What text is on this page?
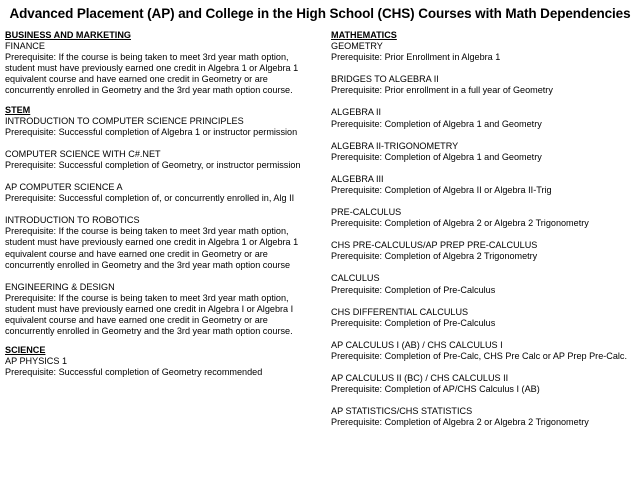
Advanced Placement (AP) and College in the High School (CHS) Courses with Math Dependencies
BUSINESS AND MARKETING
FINANCE
Prerequisite: If the course is being taken to meet 3rd year math option, student must have previously earned one credit in Algebra 1 or Algebra 1 equivalent course and have earned one credit in Geometry or are concurrently enrolled in Geometry and the 3rd year math option course.
STEM
INTRODUCTION TO COMPUTER SCIENCE PRINCIPLES
Prerequisite: Successful completion of Algebra 1 or instructor permission
COMPUTER SCIENCE WITH C#.NET
Prerequisite: Successful completion of Geometry, or instructor permission
AP COMPUTER SCIENCE A
Prerequisite: Successful completion of, or concurrently enrolled in, Alg II
INTRODUCTION TO ROBOTICS
Prerequisite: If the course is being taken to meet 3rd year math option, student must have previously earned one credit in Algebra 1 or Algebra 1 equivalent course and have earned one credit in Geometry or are concurrently enrolled in Geometry and the 3rd year math option course
ENGINEERING & DESIGN
Prerequisite: If the course is being taken to meet 3rd year math option, student must have previously earned one credit in Algebra I or Algebra I equivalent course and have earned one credit in Geometry or are concurrently enrolled in Geometry and the 3rd year math option course.
SCIENCE
AP PHYSICS 1
Prerequisite: Successful completion of Geometry recommended
MATHEMATICS
GEOMETRY
Prerequisite: Prior Enrollment in Algebra 1
BRIDGES TO ALGEBRA II
Prerequisite: Prior enrollment in a full year of Geometry
ALGEBRA II
Prerequisite: Completion of Algebra 1 and Geometry
ALGEBRA II-TRIGONOMETRY
Prerequisite: Completion of Algebra 1 and Geometry
ALGEBRA III
Prerequisite: Completion of Algebra II or Algebra II-Trig
PRE-CALCULUS
Prerequisite: Completion of Algebra 2 or Algebra 2 Trigonometry
CHS PRE-CALCULUS/AP PREP PRE-CALCULUS
Prerequisite: Completion of Algebra 2 Trigonometry
CALCULUS
Prerequisite: Completion of Pre-Calculus
CHS DIFFERENTIAL CALCULUS
Prerequisite: Completion of Pre-Calculus
AP CALCULUS I (AB) / CHS CALCULUS I
Prerequisite: Completion of Pre-Calc, CHS Pre Calc or AP Prep Pre-Calc.
AP CALCULUS II (BC) / CHS CALCULUS II
Prerequisite: Completion of AP/CHS Calculus I (AB)
AP STATISTICS/CHS STATISTICS
Prerequisite: Completion of Algebra 2 or Algebra 2 Trigonometry
